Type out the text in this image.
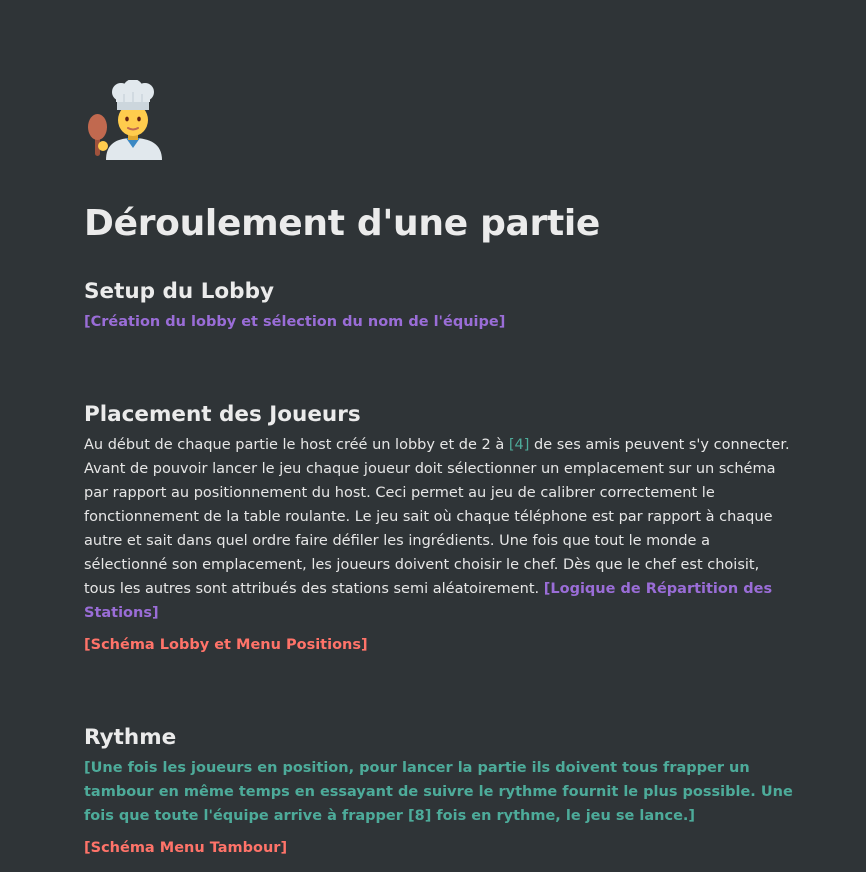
Déroulement d'une partie
Setup du Lobby

[Création du lobby et sélection du nom de l'équipe]

Placement des Joueurs

Au début de chaque partie le host créé un lobby et de 2 à [4] de ses amis peuvent s'y connecter. Avant de pouvoir lancer le jeu chaque joueur doit sélectionner un emplacement sur un schéma par rapport au positionnement du host. Ceci permet au jeu de calibrer correctement le fonctionnement de la table roulante. Le jeu sait où chaque téléphone est par rapport à chaque autre et sait dans quel ordre faire défiler les ingrédients. Une fois que tout le monde a sélectionné son emplacement, les joueurs doivent choisir le chef. Dès que le chef est choisit, tous les autres sont attribués des stations semi aléatoirement. [Logique de Répartition des Stations]

[Schéma Lobby et Menu Positions]

Rythme

[Une fois les joueurs en position, pour lancer la partie ils doivent tous frapper un tambour en même temps en essayant de suivre le rythme fournit le plus possible. Une fois que toute l'équipe arrive à frapper [8] fois en rythme, le jeu se lance.]

[Schéma Menu Tambour]
